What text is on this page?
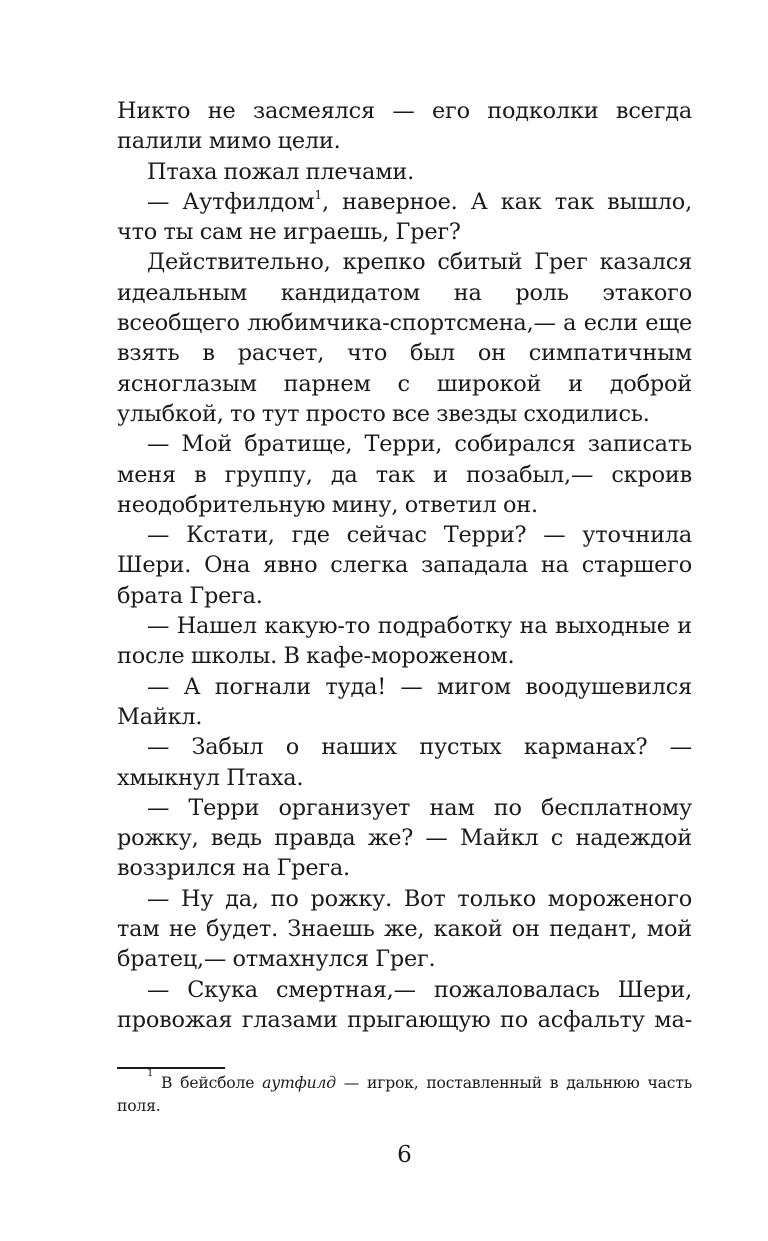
Никто не засмеялся — его подколки всегда палили мимо цели.

Птаха пожал плечами.

— Аутфилдом$^1$, наверное. А как так вышло, что ты сам не играешь, Грег?

Действительно, крепко сбитый Грег казался идеальным кандидатом на роль этакого всеобщего любимчика-спортсмена,— а если еще взять в расчет, что был он симпатичным ясноглазым парнем с широкой и доброй улыбкой, то тут просто все звезды сходились.

— Мой братище, Терри, собирался записать меня в группу, да так и позабыл,— скроив неодобрительную мину, ответил он.

— Кстати, где сейчас Терри? — уточнила Шери. Она явно слегка западала на старшего брата Грега.

— Нашел какую-то подработку на выходные и после школы. В кафе-мороженом.

— А погнали туда! — мигом воодушевился Майкл.

— Забыл о наших пустых карманах? — хмыкнул Птаха.

— Терри организует нам по бесплатному рожку, ведь правда же? — Майкл с надеждой воззрился на Грега.

— Ну да, по рожку. Вот только мороженого там не будет. Знаешь же, какой он педант, мой братец,— отмахнулся Грег.

— Скука смертная,— пожаловалась Шери, провожая глазами прыгающую по асфальту ма-

$^1$ В бейсболе аутфилд — игрок, поставленный в дальнюю часть поля.

6
